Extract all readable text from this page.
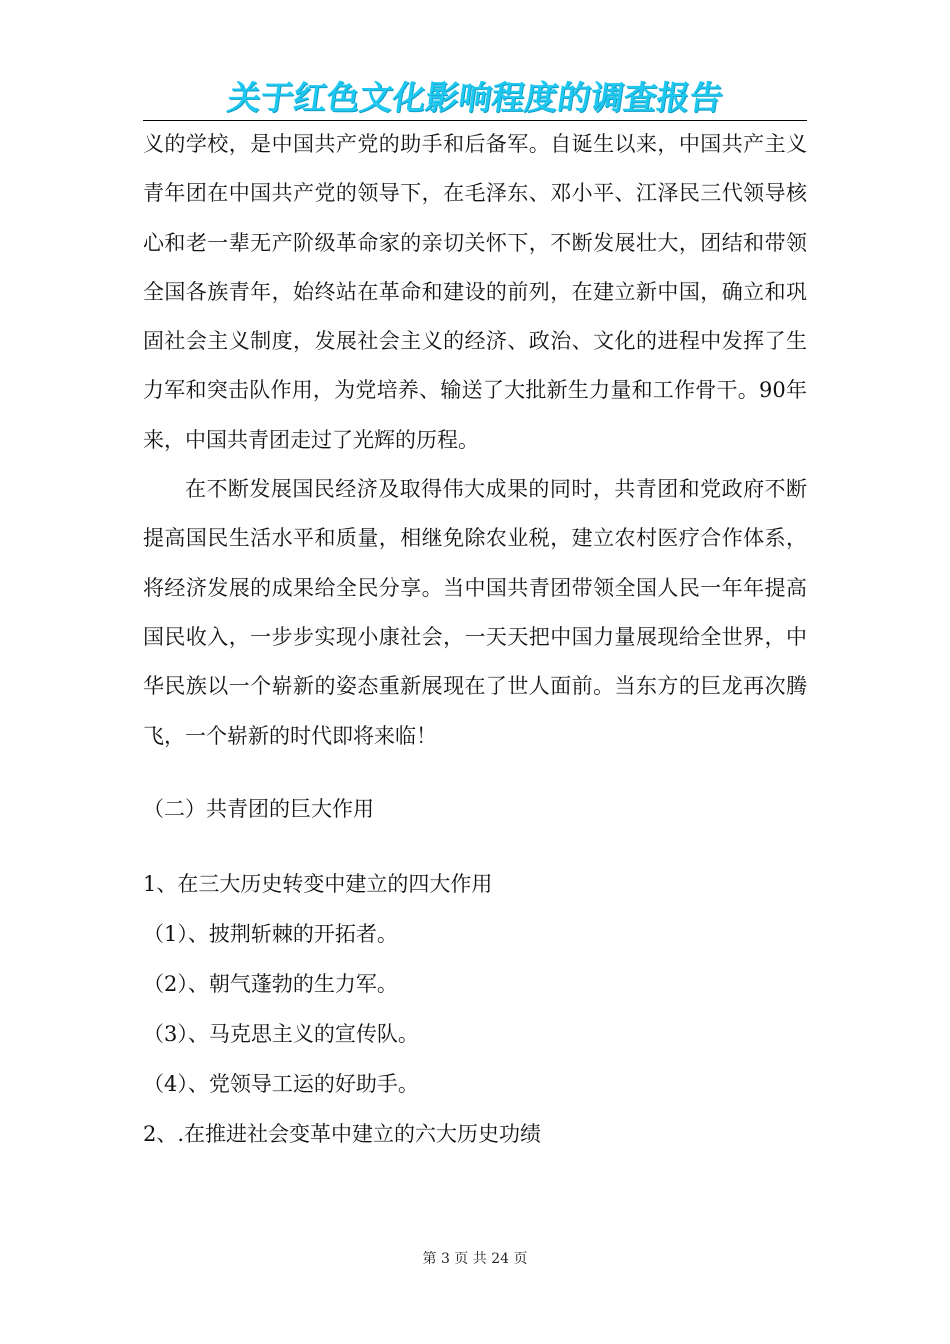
关于红色文化影响程度的调查报告

义的学校，是中国共产党的助手和后备军。自诞生以来，中国共产主义青年团在中国共产党的领导下，在毛泽东、邓小平、江泽民三代领导核心和老一辈无产阶级革命家的亲切关怀下，不断发展壮大，团结和带领全国各族青年，始终站在革命和建设的前列，在建立新中国，确立和巩固社会主义制度，发展社会主义的经济、政治、文化的进程中发挥了生力军和突击队作用，为党培养、输送了大批新生力量和工作骨干。90年来，中国共青团走过了光辉的历程。

在不断发展国民经济及取得伟大成果的同时，共青团和党政府不断提高国民生活水平和质量，相继免除农业税，建立农村医疗合作体系，将经济发展的成果给全民分享。当中国共青团带领全国人民一年年提高国民收入，一步步实现小康社会，一天天把中国力量展现给全世界，中华民族以一个崭新的姿态重新展现在了世人面前。当东方的巨龙再次腾飞，一个崭新的时代即将来临！

（二）共青团的巨大作用
1、在三大历史转变中建立的四大作用
（1）、披荆斩棘的开拓者。
（2）、朝气蓬勃的生力军。
（3）、马克思主义的宣传队。
（4）、党领导工运的好助手。
2、.在推进社会变革中建立的六大历史功绩
第 3 页 共 24 页
